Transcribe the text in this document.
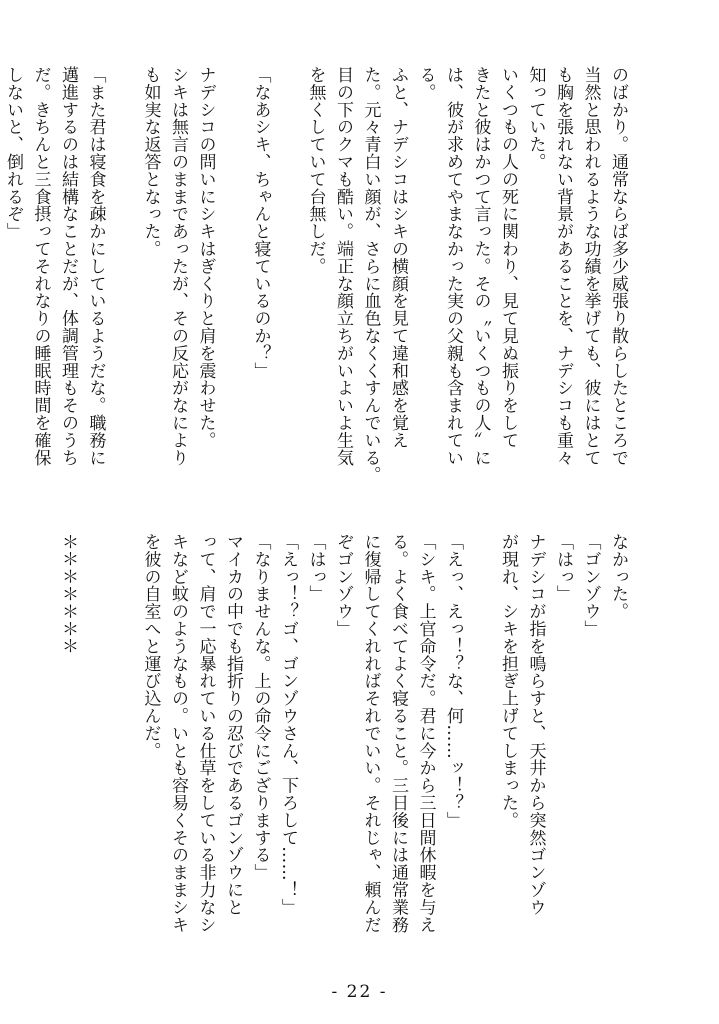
のばかり。通常ならば多少威張り散らしたところで
当然と思われるような功績を挙げても、彼にはとて
も胸を張れない背景があることを、ナデシコも重々
知っていた。
いくつもの人の死に関わり、見て見ぬ振りをして
きたと彼はかつて言った。その〝いくつもの人〟に
は、彼が求めてやまなかった実の父親も含まれてい
る。
ふと、ナデシコはシキの横顔を見て違和感を覚え
た。元々青白い顔が、さらに血色なくくすんでいる。
目の下のクマも酷い。端正な顔立ちがいよいよ生気
を無くしていて台無しだ。

「なあシキ、ちゃんと寝ているのか？」

ナデシコの問いにシキはぎくりと肩を震わせた。
シキは無言のままであったが、その反応がなにより
も如実な返答となった。

「また君は寝食を疎かにしているようだな。職務に
邁進するのは結構なことだが、体調管理もそのうち
だ。きちんと三食摂ってそれなりの睡眠時間を確保
しないと、倒れるぞ」

なかった。
「ゴンゾウ」
「はっ」
ナデシコが指を鳴らすと、天井から突然ゴンゾウ
が現れ、シキを担ぎ上げてしまった。

「えっ、えっ！？な、何……ッ！？」
「シキ。上官命令だ。君に今から三日間休暇を与え
る。よく食べてよく寝ること。三日後には通常業務
に復帰してくれればそれでいい。それじゃ、頼んだ
ぞゴンゾウ」
「はっ」
「えっ！？ゴ、ゴンゾウさん、下ろして……！」
「なりませんな。上の命令にござりまする」
マイカの中でも指折りの忍びであるゴンゾウにと
って、肩で一応暴れている仕草をしている非力なシ
キなど蚊のようなもの。いとも容易くそのままシキ
を彼の自室へと運び込んだ。

＊＊＊＊＊＊＊
- 22 -
